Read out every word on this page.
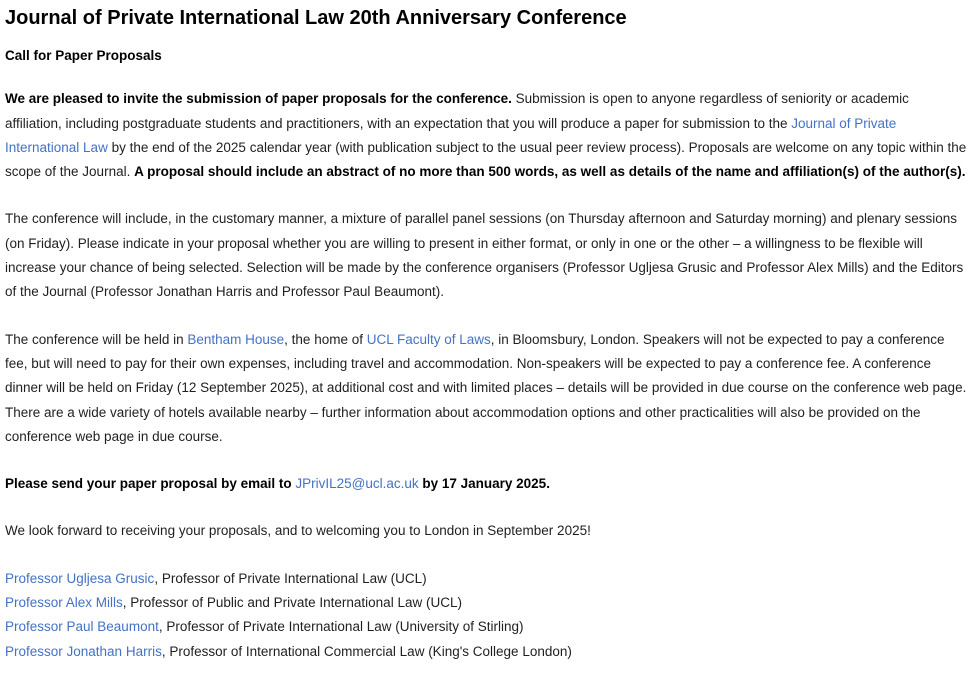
Journal of Private International Law 20th Anniversary Conference
Call for Paper Proposals

We are pleased to invite the submission of paper proposals for the conference. Submission is open to anyone regardless of seniority or academic affiliation, including postgraduate students and practitioners, with an expectation that you will produce a paper for submission to the Journal of Private International Law by the end of the 2025 calendar year (with publication subject to the usual peer review process). Proposals are welcome on any topic within the scope of the Journal. A proposal should include an abstract of no more than 500 words, as well as details of the name and affiliation(s) of the author(s).

The conference will include, in the customary manner, a mixture of parallel panel sessions (on Thursday afternoon and Saturday morning) and plenary sessions (on Friday). Please indicate in your proposal whether you are willing to present in either format, or only in one or the other – a willingness to be flexible will increase your chance of being selected. Selection will be made by the conference organisers (Professor Ugljesa Grusic and Professor Alex Mills) and the Editors of the Journal (Professor Jonathan Harris and Professor Paul Beaumont).

The conference will be held in Bentham House, the home of UCL Faculty of Laws, in Bloomsbury, London. Speakers will not be expected to pay a conference fee, but will need to pay for their own expenses, including travel and accommodation. Non-speakers will be expected to pay a conference fee. A conference dinner will be held on Friday (12 September 2025), at additional cost and with limited places – details will be provided in due course on the conference web page. There are a wide variety of hotels available nearby – further information about accommodation options and other practicalities will also be provided on the conference web page in due course.

Please send your paper proposal by email to JPrivIL25@ucl.ac.uk by 17 January 2025.

We look forward to receiving your proposals, and to welcoming you to London in September 2025!

Professor Ugljesa Grusic, Professor of Private International Law (UCL)
Professor Alex Mills, Professor of Public and Private International Law (UCL)
Professor Paul Beaumont, Professor of Private International Law (University of Stirling)
Professor Jonathan Harris, Professor of International Commercial Law (King's College London)
